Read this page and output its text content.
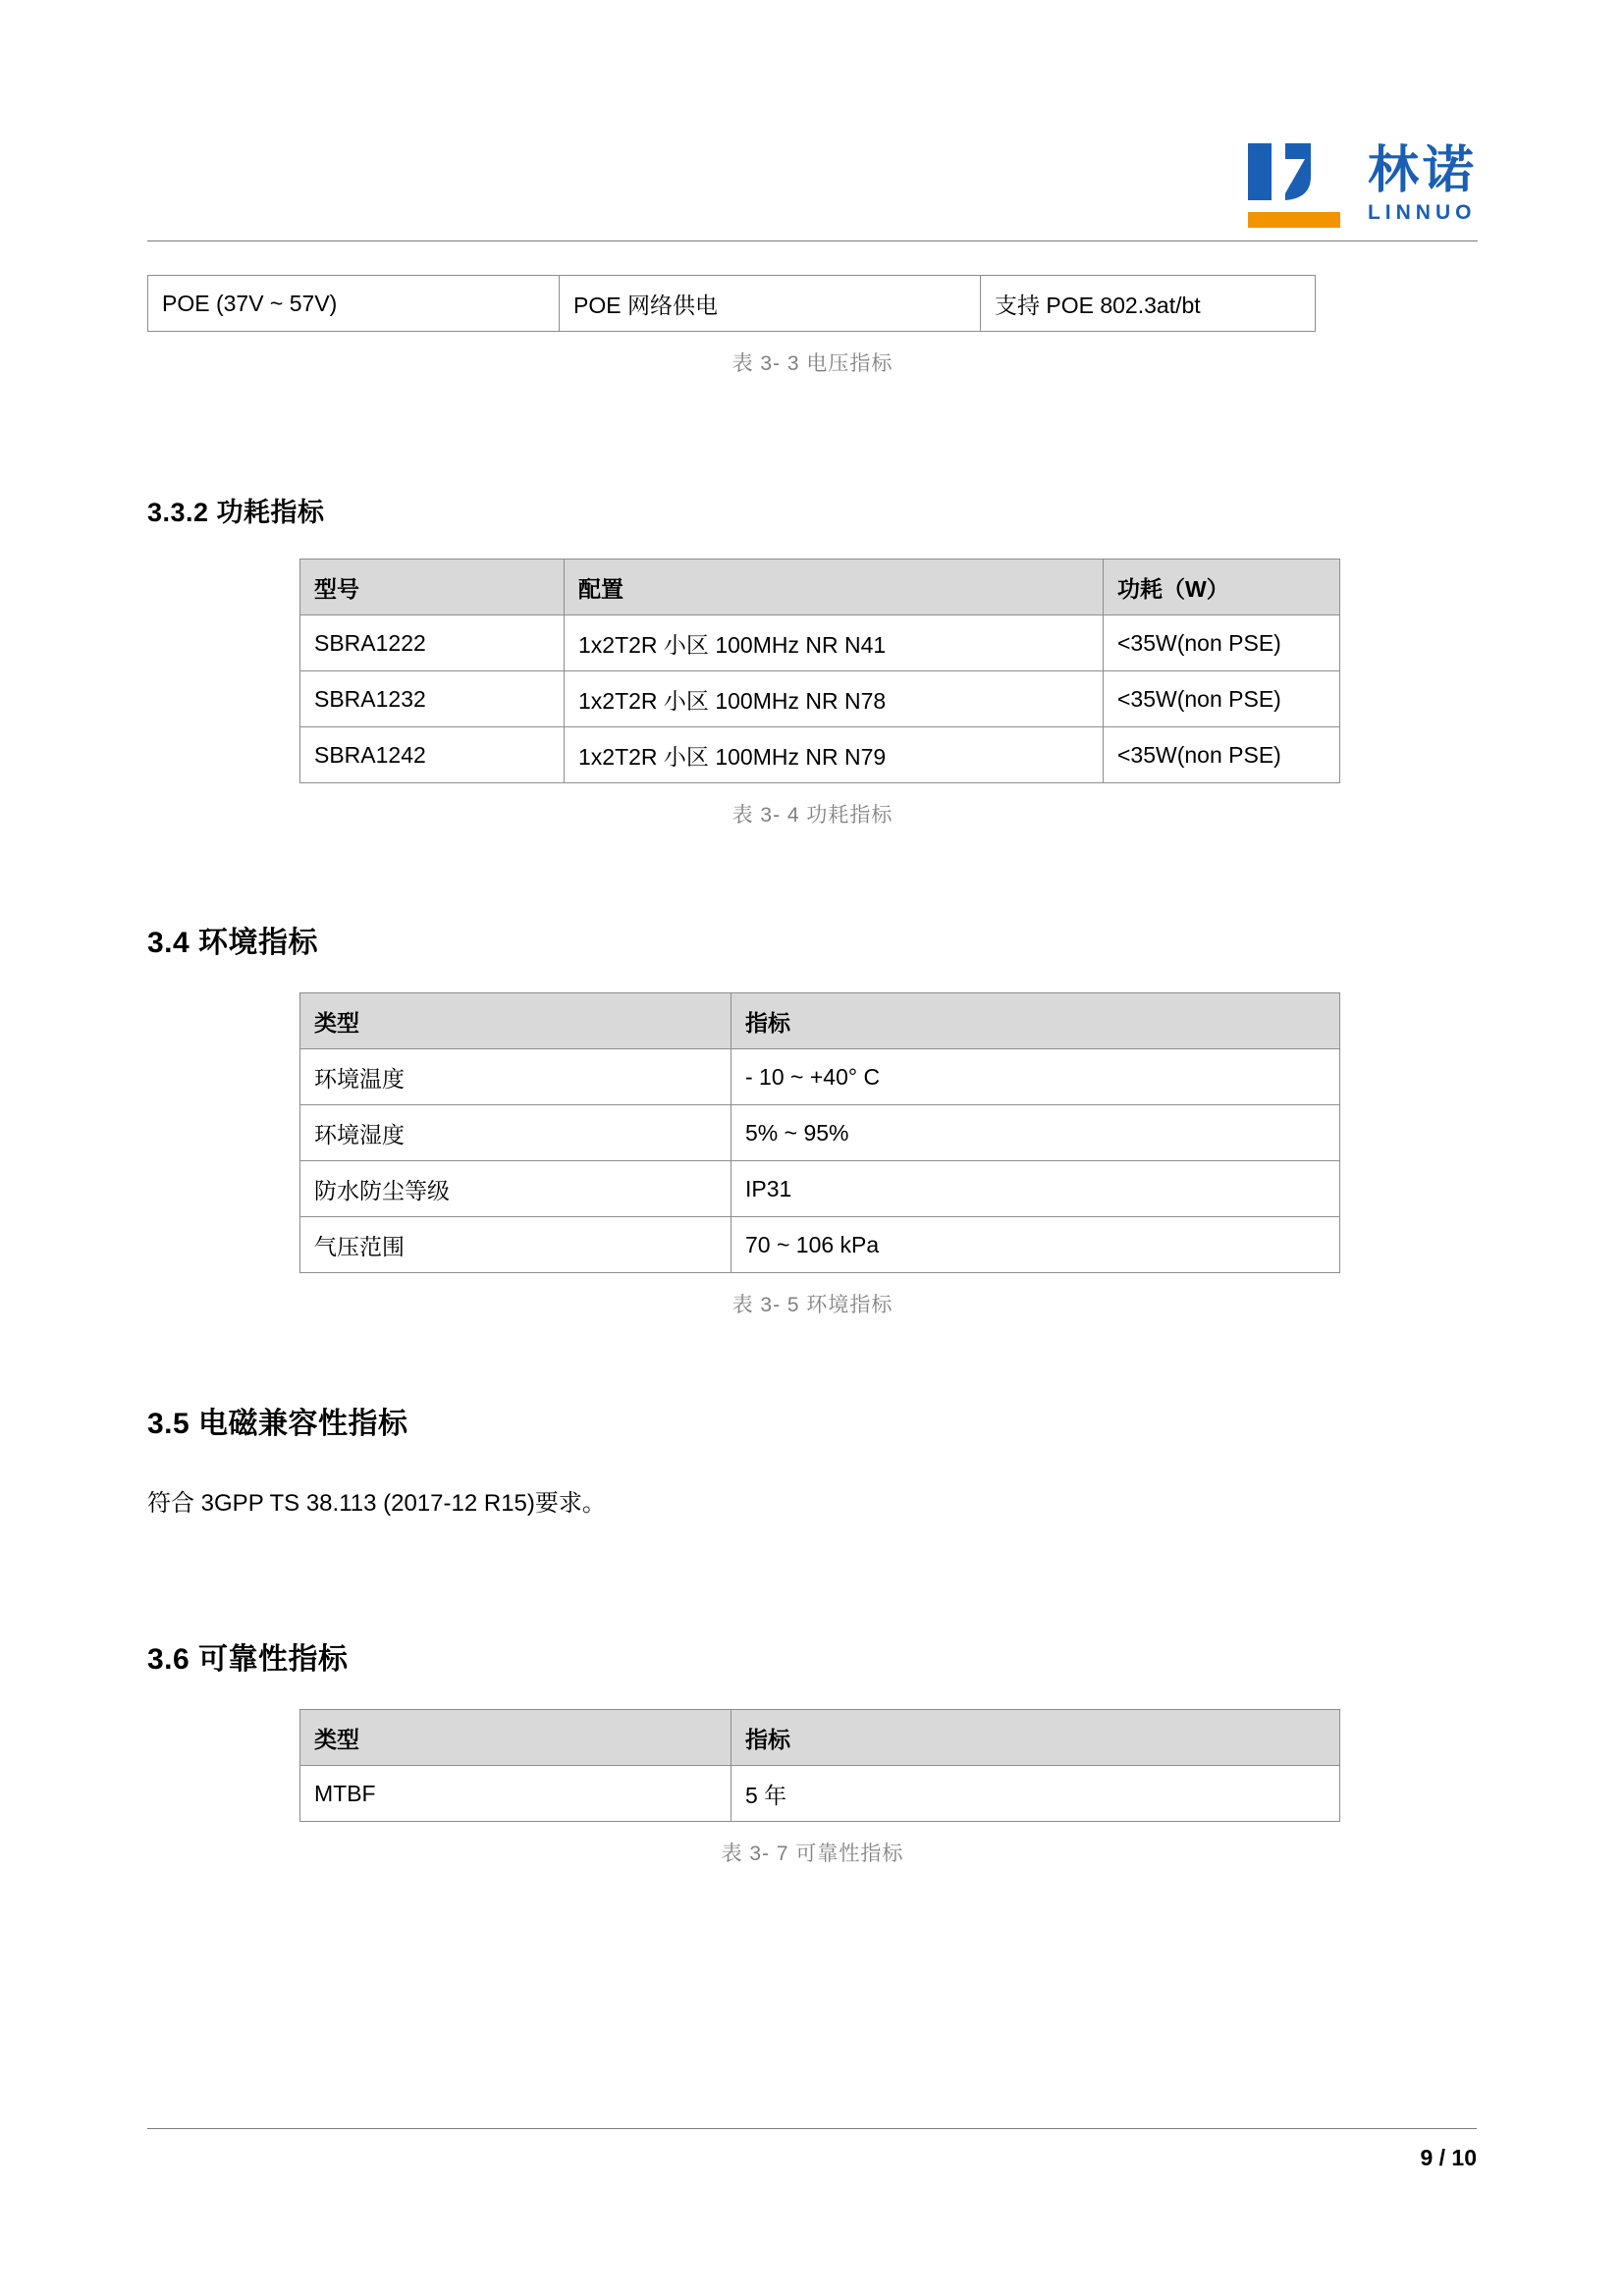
林诺
LINNUO
POE (37V ~ 57V)	POE 网络供电	支持 POE 802.3at/bt
表 3- 3 电压指标
3.3.2 功耗指标
型号	配置	功耗（W）
SBRA1222	1x2T2R 小区 100MHz NR N41	<35W(non PSE)
SBRA1232	1x2T2R 小区 100MHz NR N78	<35W(non PSE)
SBRA1242	1x2T2R 小区 100MHz NR N79	<35W(non PSE)
表 3- 4 功耗指标
3.4 环境指标
类型	指标
环境温度	- 10 ~ +40° C
环境湿度	5% ~ 95%
防水防尘等级	IP31
气压范围	70 ~ 106 kPa
表 3- 5 环境指标
3.5 电磁兼容性指标

符合 3GPP TS 38.113 (2017-12 R15)要求。

3.6 可靠性指标
类型	指标
MTBF	5 年
表 3- 7 可靠性指标
9 / 10
